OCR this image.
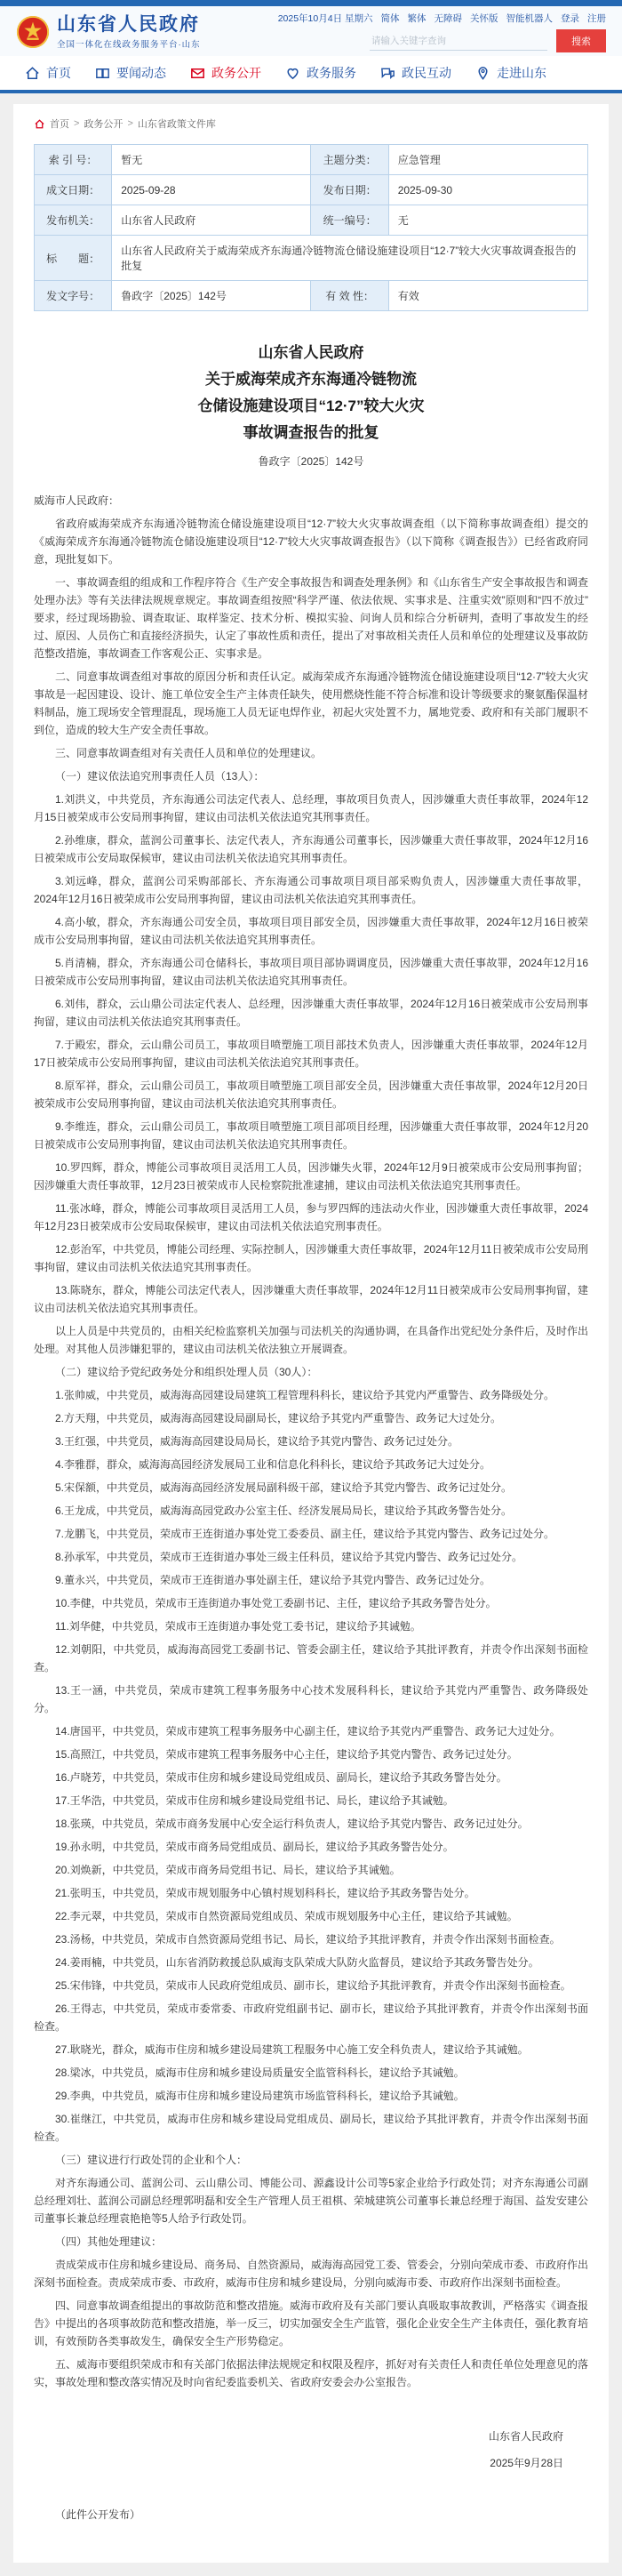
山东省人民政府
全国一体化在线政务服务平台·山东
2025年10月4日 星期六 简体 繁体 无障碍 关怀版 智能机器人 登录 注册
请输入关键字查询
搜索
首页	要闻动态	政务公开	政务服务	政民互动	走进山东
首页 > 政务公开 > 山东省政策文件库
索 引 号：	暂无	主题分类：	应急管理
成文日期：	2025-09-28	发布日期：	2025-09-30
发布机关：	山东省人民政府	统一编号：	无
标　　题：	山东省人民政府关于威海荣成齐东海通冷链物流仓储设施建设项目“12·7”较大火灾事故调查报告的批复		
发文字号：	鲁政字〔2025〕142号	有 效 性：	有效
山东省人民政府
关于威海荣成齐东海通冷链物流
仓储设施建设项目“12·7”较大火灾
事故调查报告的批复
鲁政字〔2025〕142号

威海市人民政府：

省政府威海荣成齐东海通冷链物流仓储设施建设项目“12·7”较大火灾事故调查组（以下简称事故调查组）提交的《威海荣成齐东海通冷链物流仓储设施建设项目“12·7”较大火灾事故调查报告》（以下简称《调查报告》）已经省政府同意，现批复如下。

一、事故调查组的组成和工作程序符合《生产安全事故报告和调查处理条例》和《山东省生产安全事故报告和调查处理办法》等有关法律法规规章规定。事故调查组按照“科学严谨、依法依规、实事求是、注重实效”原则和“四不放过”要求，经过现场勘验、调查取证、取样鉴定、技术分析、模拟实验、问询人员和综合分析研判，查明了事故发生的经过、原因、人员伤亡和直接经济损失，认定了事故性质和责任，提出了对事故相关责任人员和单位的处理建议及事故防范整改措施，事故调查工作客观公正、实事求是。

二、同意事故调查组对事故的原因分析和责任认定。威海荣成齐东海通冷链物流仓储设施建设项目“12·7”较大火灾事故是一起因建设、设计、施工单位安全生产主体责任缺失，使用燃烧性能不符合标准和设计等级要求的聚氨酯保温材料制品，施工现场安全管理混乱，现场施工人员无证电焊作业，初起火灾处置不力，属地党委、政府和有关部门履职不到位，造成的较大生产安全责任事故。

三、同意事故调查组对有关责任人员和单位的处理建议。

（一）建议依法追究刑事责任人员（13人）：

1.刘洪义，中共党员，齐东海通公司法定代表人、总经理，事故项目负责人，因涉嫌重大责任事故罪，2024年12月15日被荣成市公安局刑事拘留，建议由司法机关依法追究其刑事责任。

2.孙维康，群众，蓝润公司董事长、法定代表人，齐东海通公司董事长，因涉嫌重大责任事故罪，2024年12月16日被荣成市公安局取保候审，建议由司法机关依法追究其刑事责任。

3.刘远峰，群众，蓝润公司采购部部长、齐东海通公司事故项目项目部采购负责人，因涉嫌重大责任事故罪，2024年12月16日被荣成市公安局刑事拘留，建议由司法机关依法追究其刑事责任。

4.高小敏，群众，齐东海通公司安全员，事故项目项目部安全员，因涉嫌重大责任事故罪，2024年12月16日被荣成市公安局刑事拘留，建议由司法机关依法追究其刑事责任。

5.肖清楠，群众，齐东海通公司仓储科长，事故项目项目部协调调度员，因涉嫌重大责任事故罪，2024年12月16日被荣成市公安局刑事拘留，建议由司法机关依法追究其刑事责任。

6.刘伟，群众，云山鼎公司法定代表人、总经理，因涉嫌重大责任事故罪，2024年12月16日被荣成市公安局刑事拘留，建议由司法机关依法追究其刑事责任。

7.于殿宏，群众，云山鼎公司员工，事故项目喷塑施工项目部技术负责人，因涉嫌重大责任事故罪，2024年12月17日被荣成市公安局刑事拘留，建议由司法机关依法追究其刑事责任。

8.原军祥，群众，云山鼎公司员工，事故项目喷塑施工项目部安全员，因涉嫌重大责任事故罪，2024年12月20日被荣成市公安局刑事拘留，建议由司法机关依法追究其刑事责任。

9.李维连，群众，云山鼎公司员工，事故项目喷塑施工项目部项目经理，因涉嫌重大责任事故罪，2024年12月20日被荣成市公安局刑事拘留，建议由司法机关依法追究其刑事责任。

10.罗四辉，群众，博能公司事故项目灵活用工人员，因涉嫌失火罪，2024年12月9日被荣成市公安局刑事拘留；因涉嫌重大责任事故罪，12月23日被荣成市人民检察院批准逮捕，建议由司法机关依法追究其刑事责任。

11.张冰峰，群众，博能公司事故项目灵活用工人员，参与罗四辉的违法动火作业，因涉嫌重大责任事故罪，2024年12月23日被荣成市公安局取保候审，建议由司法机关依法追究刑事责任。

12.彭治军，中共党员，博能公司经理、实际控制人，因涉嫌重大责任事故罪，2024年12月11日被荣成市公安局刑事拘留，建议由司法机关依法追究其刑事责任。

13.陈晓东，群众，博能公司法定代表人，因涉嫌重大责任事故罪，2024年12月11日被荣成市公安局刑事拘留，建议由司法机关依法追究其刑事责任。

以上人员是中共党员的，由相关纪检监察机关加强与司法机关的沟通协调，在具备作出党纪处分条件后，及时作出处理。对其他人员涉嫌犯罪的，建议由司法机关依法独立开展调查。

（二）建议给予党纪政务处分和组织处理人员（30人）：

1.张帅威，中共党员，威海海高园建设局建筑工程管理科科长，建议给予其党内严重警告、政务降级处分。

2.方天翔，中共党员，威海海高园建设局副局长，建议给予其党内严重警告、政务记大过处分。

3.王红强，中共党员，威海海高园建设局局长，建议给予其党内警告、政务记过处分。

4.李雅群，群众，威海海高园经济发展局工业和信息化科科长，建议给予其政务记大过处分。

5.宋保额，中共党员，威海海高园经济发展局副科级干部，建议给予其党内警告、政务记过处分。

6.王龙成，中共党员，威海海高园党政办公室主任、经济发展局局长，建议给予其政务警告处分。

7.龙鹏飞，中共党员，荣成市王连街道办事处党工委委员、副主任，建议给予其党内警告、政务记过处分。

8.孙承军，中共党员，荣成市王连街道办事处三级主任科员，建议给予其党内警告、政务记过处分。

9.董永兴，中共党员，荣成市王连街道办事处副主任，建议给予其党内警告、政务记过处分。

10.李健，中共党员，荣成市王连街道办事处党工委副书记、主任，建议给予其政务警告处分。

11.刘华健，中共党员，荣成市王连街道办事处党工委书记，建议给予其诫勉。

12.刘朝阳，中共党员，威海海高园党工委副书记、管委会副主任，建议给予其批评教育，并责令作出深刻书面检查。

13.王一涵，中共党员，荣成市建筑工程事务服务中心技术发展科科长，建议给予其党内严重警告、政务降级处分。

14.唐国平，中共党员，荣成市建筑工程事务服务中心副主任，建议给予其党内严重警告、政务记大过处分。

15.高照江，中共党员，荣成市建筑工程事务服务中心主任，建议给予其党内警告、政务记过处分。

16.卢晓芳，中共党员，荣成市住房和城乡建设局党组成员、副局长，建议给予其政务警告处分。

17.王华浩，中共党员，荣成市住房和城乡建设局党组书记、局长，建议给予其诫勉。

18.张瑛，中共党员，荣成市商务发展中心安全运行科负责人，建议给予其党内警告、政务记过处分。

19.孙永明，中共党员，荣成市商务局党组成员、副局长，建议给予其政务警告处分。

20.刘焕新，中共党员，荣成市商务局党组书记、局长，建议给予其诫勉。

21.张明玉，中共党员，荣成市规划服务中心镇村规划科科长，建议给予其政务警告处分。

22.李元翠，中共党员，荣成市自然资源局党组成员、荣成市规划服务中心主任，建议给予其诫勉。

23.汤杨，中共党员，荣成市自然资源局党组书记、局长，建议给予其批评教育，并责令作出深刻书面检查。

24.姜雨楠，中共党员，山东省消防救援总队威海支队荣成大队防火监督员，建议给予其政务警告处分。

25.宋伟锋，中共党员，荣成市人民政府党组成员、副市长，建议给予其批评教育，并责令作出深刻书面检查。

26.王得志，中共党员，荣成市委常委、市政府党组副书记、副市长，建议给予其批评教育，并责令作出深刻书面检查。

27.耿晓光，群众，威海市住房和城乡建设局建筑工程服务中心施工安全科负责人，建议给予其诫勉。

28.梁冰，中共党员，威海市住房和城乡建设局质量安全监管科科长，建议给予其诫勉。

29.李典，中共党员，威海市住房和城乡建设局建筑市场监管科科长，建议给予其诫勉。

30.崔继江，中共党员，威海市住房和城乡建设局党组成员、副局长，建议给予其批评教育，并责令作出深刻书面检查。

（三）建议进行行政处罚的企业和个人：

对齐东海通公司、蓝润公司、云山鼎公司、博能公司、源鑫设计公司等5家企业给予行政处罚；对齐东海通公司副总经理刘壮、蓝润公司副总经理郭明磊和安全生产管理人员王祖棋、荣城建筑公司董事长兼总经理于海国、益发安建公司董事长兼总经理袁艳艳等5人给予行政处罚。

（四）其他处理建议：

责成荣成市住房和城乡建设局、商务局、自然资源局，威海海高园党工委、管委会，分别向荣成市委、市政府作出深刻书面检查。责成荣成市委、市政府，威海市住房和城乡建设局，分别向威海市委、市政府作出深刻书面检查。

四、同意事故调查组提出的事故防范和整改措施。威海市政府及有关部门要认真吸取事故教训，严格落实《调查报告》中提出的各项事故防范和整改措施，举一反三，切实加强安全生产监管，强化企业安全生产主体责任，强化教育培训，有效预防各类事故发生，确保安全生产形势稳定。

五、威海市要组织荣成市和有关部门依据法律法规规定和权限及程序，抓好对有关责任人和责任单位处理意见的落实，事故处理和整改落实情况及时向省纪委监委机关、省政府安委会办公室报告。

山东省人民政府
2025年9月28日
（此件公开发布）
